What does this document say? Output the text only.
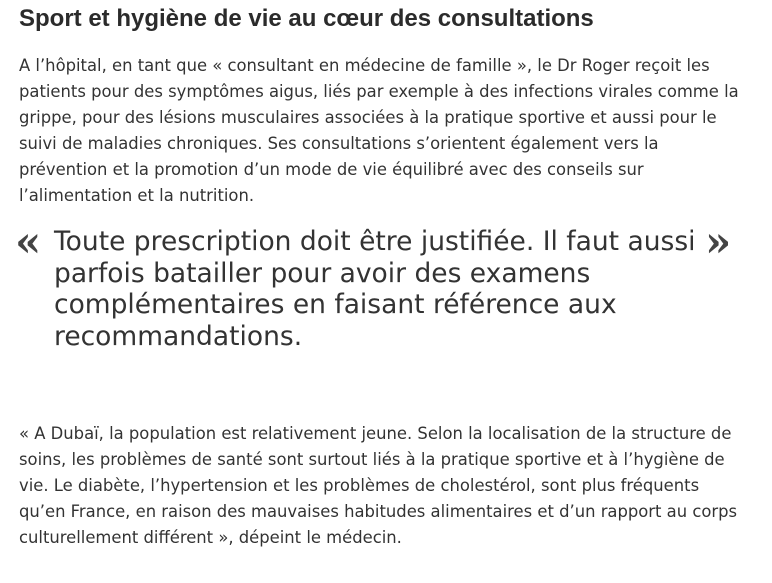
Sport et hygiène de vie au cœur des consultations

A l’hôpital, en tant que « consultant en médecine de famille », le Dr Roger reçoit les patients pour des symptômes aigus, liés par exemple à des infections virales comme la grippe, pour des lésions musculaires associées à la pratique sportive et aussi pour le suivi de maladies chroniques. Ses consultations s’orientent également vers la prévention et la promotion d’un mode de vie équilibré avec des conseils sur l’alimentation et la nutrition.

« Toute prescription doit être justifiée. Il faut aussi parfois batailler pour avoir des examens complémentaires en faisant référence aux recommandations.

»

« A Dubaï, la population est relativement jeune. Selon la localisation de la structure de soins, les problèmes de santé sont surtout liés à la pratique sportive et à l’hygiène de vie. Le diabète, l’hypertension et les problèmes de cholestérol, sont plus fréquents qu’en France, en raison des mauvaises habitudes alimentaires et d’un rapport au corps culturellement différent », dépeint le médecin.
